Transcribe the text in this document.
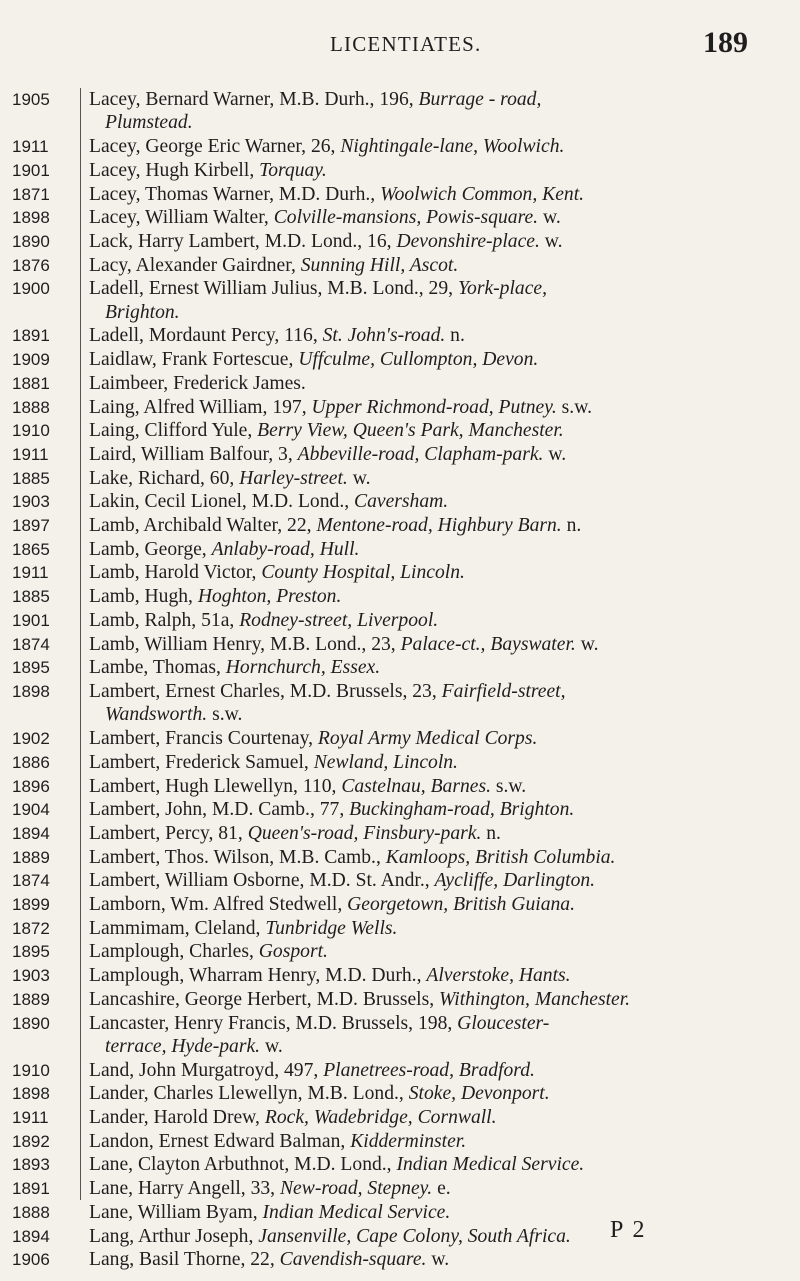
LICENTIATES.	189
1905	Lacey, Bernard Warner, M.B. Durh., 196, Burrage - road,
Plumstead.
1911	Lacey, George Eric Warner, 26, Nightingale-lane, Woolwich.
1901	Lacey, Hugh Kirbell, Torquay.
1871	Lacey, Thomas Warner, M.D. Durh., Woolwich Common, Kent.
1898	Lacey, William Walter, Colville-mansions, Powis-square. w.
1890	Lack, Harry Lambert, M.D. Lond., 16, Devonshire-place. w.
1876	Lacy, Alexander Gairdner, Sunning Hill, Ascot.
1900	Ladell, Ernest William Julius, M.B. Lond., 29, York-place,
Brighton.
1891	Ladell, Mordaunt Percy, 116, St. John's-road. n.
1909	Laidlaw, Frank Fortescue, Uffculme, Cullompton, Devon.
1881	Laimbeer, Frederick James.
1888	Laing, Alfred William, 197, Upper Richmond-road, Putney. s.w.
1910	Laing, Clifford Yule, Berry View, Queen's Park, Manchester.
1911	Laird, William Balfour, 3, Abbeville-road, Clapham-park. w.
1885	Lake, Richard, 60, Harley-street. w.
1903	Lakin, Cecil Lionel, M.D. Lond., Caversham.
1897	Lamb, Archibald Walter, 22, Mentone-road, Highbury Barn. n.
1865	Lamb, George, Anlaby-road, Hull.
1911	Lamb, Harold Victor, County Hospital, Lincoln.
1885	Lamb, Hugh, Hoghton, Preston.
1901	Lamb, Ralph, 51a, Rodney-street, Liverpool.
1874	Lamb, William Henry, M.B. Lond., 23, Palace-ct., Bayswater. w.
1895	Lambe, Thomas, Hornchurch, Essex.
1898	Lambert, Ernest Charles, M.D. Brussels, 23, Fairfield-street,
Wandsworth. s.w.
1902	Lambert, Francis Courtenay, Royal Army Medical Corps.
1886	Lambert, Frederick Samuel, Newland, Lincoln.
1896	Lambert, Hugh Llewellyn, 110, Castelnau, Barnes. s.w.
1904	Lambert, John, M.D. Camb., 77, Buckingham-road, Brighton.
1894	Lambert, Percy, 81, Queen's-road, Finsbury-park. n.
1889	Lambert, Thos. Wilson, M.B. Camb., Kamloops, British Columbia.
1874	Lambert, William Osborne, M.D. St. Andr., Aycliffe, Darlington.
1899	Lamborn, Wm. Alfred Stedwell, Georgetown, British Guiana.
1872	Lammimam, Cleland, Tunbridge Wells.
1895	Lamplough, Charles, Gosport.
1903	Lamplough, Wharram Henry, M.D. Durh., Alverstoke, Hants.
1889	Lancashire, George Herbert, M.D. Brussels, Withington, Manchester.
1890	Lancaster, Henry Francis, M.D. Brussels, 198, Gloucester-
terrace, Hyde-park. w.
1910	Land, John Murgatroyd, 497, Planetrees-road, Bradford.
1898	Lander, Charles Llewellyn, M.B. Lond., Stoke, Devonport.
1911	Lander, Harold Drew, Rock, Wadebridge, Cornwall.
1892	Landon, Ernest Edward Balman, Kidderminster.
1893	Lane, Clayton Arbuthnot, M.D. Lond., Indian Medical Service.
1891	Lane, Harry Angell, 33, New-road, Stepney. e.
1888	Lane, William Byam, Indian Medical Service.
1894	Lang, Arthur Joseph, Jansenville, Cape Colony, South Africa.
1906	Lang, Basil Thorne, 22, Cavendish-square. w.
P 2
